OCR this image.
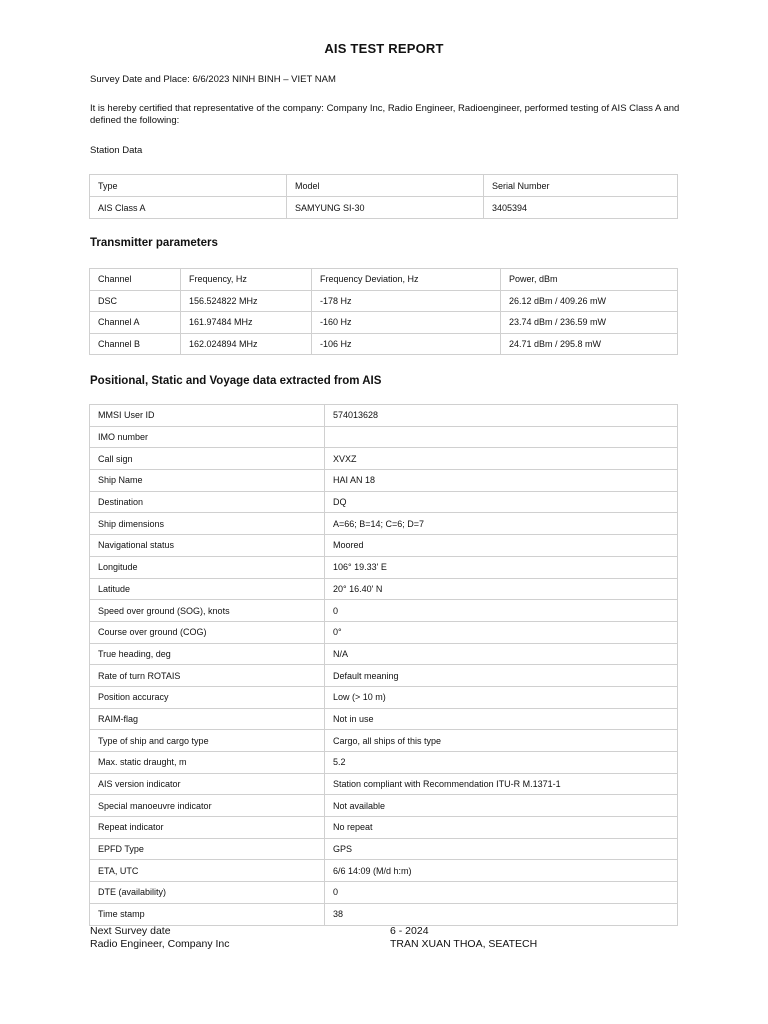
AIS TEST REPORT
Survey Date and Place: 6/6/2023 NINH BINH – VIET NAM
It is hereby certified that representative of the company: Company Inc, Radio Engineer, Radioengineer, performed testing of AIS Class A and defined the following:
Station Data
Type	Model	Serial Number
AIS Class A	SAMYUNG SI-30	3405394
Transmitter parameters
Channel	Frequency, Hz	Frequency Deviation, Hz	Power, dBm
DSC	156.524822 MHz	-178 Hz	26.12 dBm / 409.26 mW
Channel A	161.97484 MHz	-160 Hz	23.74 dBm / 236.59 mW
Channel B	162.024894 MHz	-106 Hz	24.71 dBm / 295.8 mW
Positional, Static and Voyage data extracted from AIS
MMSI User ID	574013628
IMO number	
Call sign	XVXZ
Ship Name	HAI AN 18
Destination	DQ
Ship dimensions	A=66; B=14; C=6; D=7
Navigational status	Moored
Longitude	106° 19.33' E
Latitude	20° 16.40' N
Speed over ground (SOG), knots	0
Course over ground (COG)	0°
True heading, deg	N/A
Rate of turn ROTAIS	Default meaning
Position accuracy	Low (> 10 m)
RAIM-flag	Not in use
Type of ship and cargo type	Cargo, all ships of this type
Max. static draught, m	5.2
AIS version indicator	Station compliant with Recommendation ITU-R M.1371-1
Special manoeuvre indicator	Not available
Repeat indicator	No repeat
EPFD Type	GPS
ETA, UTC	6/6 14:09 (M/d h:m)
DTE (availability)	0
Time stamp	38
Next Survey date
Radio Engineer, Company Inc
6 - 2024
TRAN XUAN THOA, SEATECH
